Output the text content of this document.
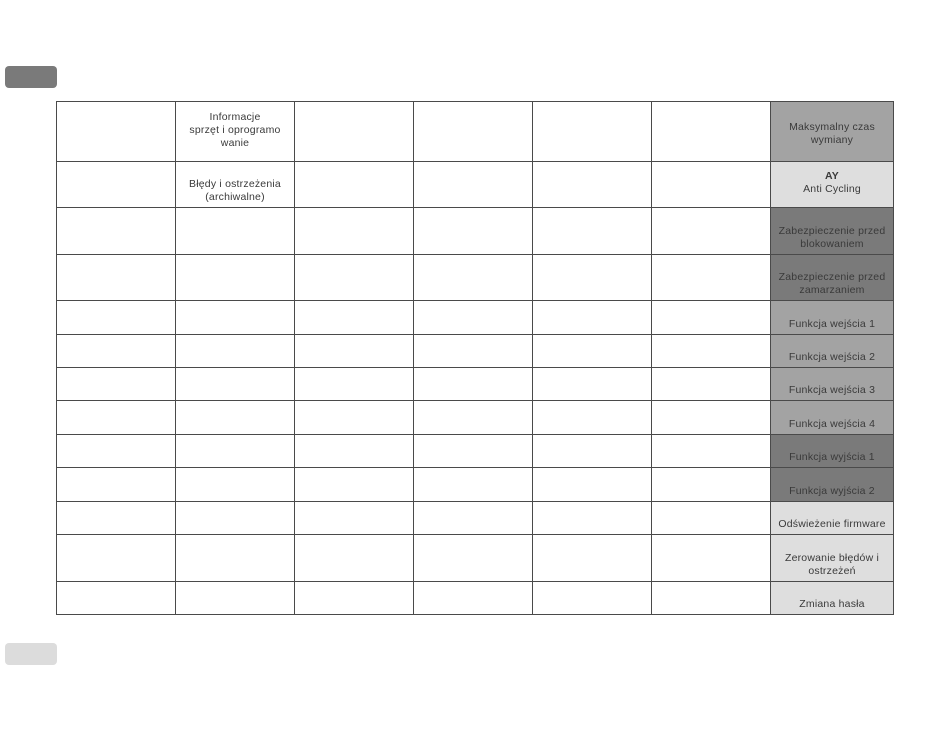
	Informacje
sprzęt i oprogramo
wanie					Maksymalny czas
wymiany

	Błędy i ostrzeżenia
(archiwalne)					AY
Anti Cycling

						Zabezpieczenie przed
blokowaniem

						Zabezpieczenie przed
zamarzaniem

						Funkcja wejścia 1

						Funkcja wejścia 2

						Funkcja wejścia 3

						Funkcja wejścia 4

						Funkcja wyjścia 1

						Funkcja wyjścia 2

						Odświeżenie firmware

						Zerowanie błędów i
ostrzeżeń

						Zmiana hasła
